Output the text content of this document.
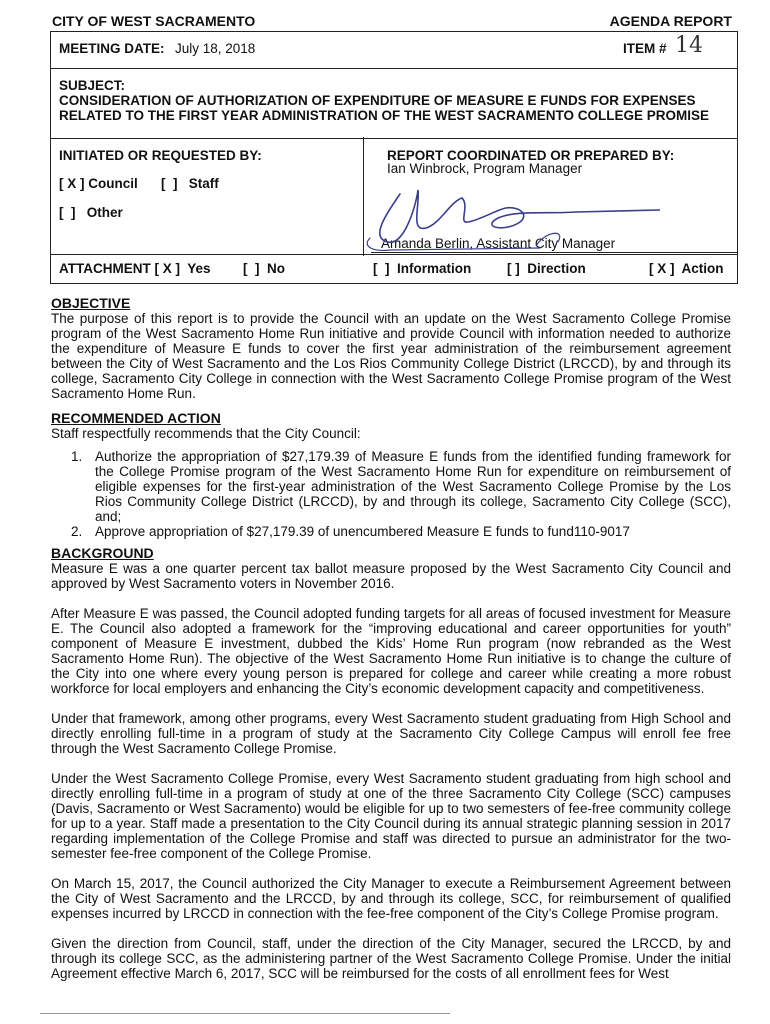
CITY OF WEST SACRAMENTO	AGENDA REPORT
MEETING DATE: July 18, 2018	ITEM # 14
SUBJECT:
CONSIDERATION OF AUTHORIZATION OF EXPENDITURE OF MEASURE E FUNDS FOR EXPENSES RELATED TO THE FIRST YEAR ADMINISTRATION OF THE WEST SACRAMENTO COLLEGE PROMISE
INITIATED OR REQUESTED BY:
[ X ] Council [  ]   Staff
[  ]   Other
REPORT COORDINATED OR PREPARED BY:
Ian Winbrock, Program Manager
Amanda Berlin, Assistant City Manager
ATTACHMENT [ X ]  Yes [  ]  No	[  ]  Information	[ ]  Direction	[ X ]  Action
OBJECTIVE

The purpose of this report is to provide the Council with an update on the West Sacramento College Promise program of the West Sacramento Home Run initiative and provide Council with information needed to authorize the expenditure of Measure E funds to cover the first year administration of the reimbursement agreement between the City of West Sacramento and the Los Rios Community College District (LRCCD), by and through its college, Sacramento City College in connection with the West Sacramento College Promise program of the West Sacramento Home Run.

RECOMMENDED ACTION

Staff respectfully recommends that the City Council:

1. Authorize the appropriation of $27,179.39 of Measure E funds from the identified funding framework for the College Promise program of the West Sacramento Home Run for expenditure on reimbursement of eligible expenses for the first-year administration of the West Sacramento College Promise by the Los Rios Community College District (LRCCD), by and through its college, Sacramento City College (SCC), and;
2. Approve appropriation of $27,179.39 of unencumbered Measure E funds to fund110-9017
BACKGROUND

Measure E was a one quarter percent tax ballot measure proposed by the West Sacramento City Council and approved by West Sacramento voters in November 2016.

After Measure E was passed, the Council adopted funding targets for all areas of focused investment for Measure E. The Council also adopted a framework for the “improving educational and career opportunities for youth” component of Measure E investment, dubbed the Kids’ Home Run program (now rebranded as the West Sacramento Home Run). The objective of the West Sacramento Home Run initiative is to change the culture of the City into one where every young person is prepared for college and career while creating a more robust workforce for local employers and enhancing the City’s economic development capacity and competitiveness.

Under that framework, among other programs, every West Sacramento student graduating from High School and directly enrolling full-time in a program of study at the Sacramento City College Campus will enroll fee free through the West Sacramento College Promise.

Under the West Sacramento College Promise, every West Sacramento student graduating from high school and directly enrolling full-time in a program of study at one of the three Sacramento City College (SCC) campuses (Davis, Sacramento or West Sacramento) would be eligible for up to two semesters of fee-free community college for up to a year. Staff made a presentation to the City Council during its annual strategic planning session in 2017 regarding implementation of the College Promise and staff was directed to pursue an administrator for the two-semester fee-free component of the College Promise.

On March 15, 2017, the Council authorized the City Manager to execute a Reimbursement Agreement between the City of West Sacramento and the LRCCD, by and through its college, SCC, for reimbursement of qualified expenses incurred by LRCCD in connection with the fee-free component of the City’s College Promise program.

Given the direction from Council, staff, under the direction of the City Manager, secured the LRCCD, by and through its college SCC, as the administering partner of the West Sacramento College Promise. Under the initial Agreement effective March 6, 2017, SCC will be reimbursed for the costs of all enrollment fees for West
